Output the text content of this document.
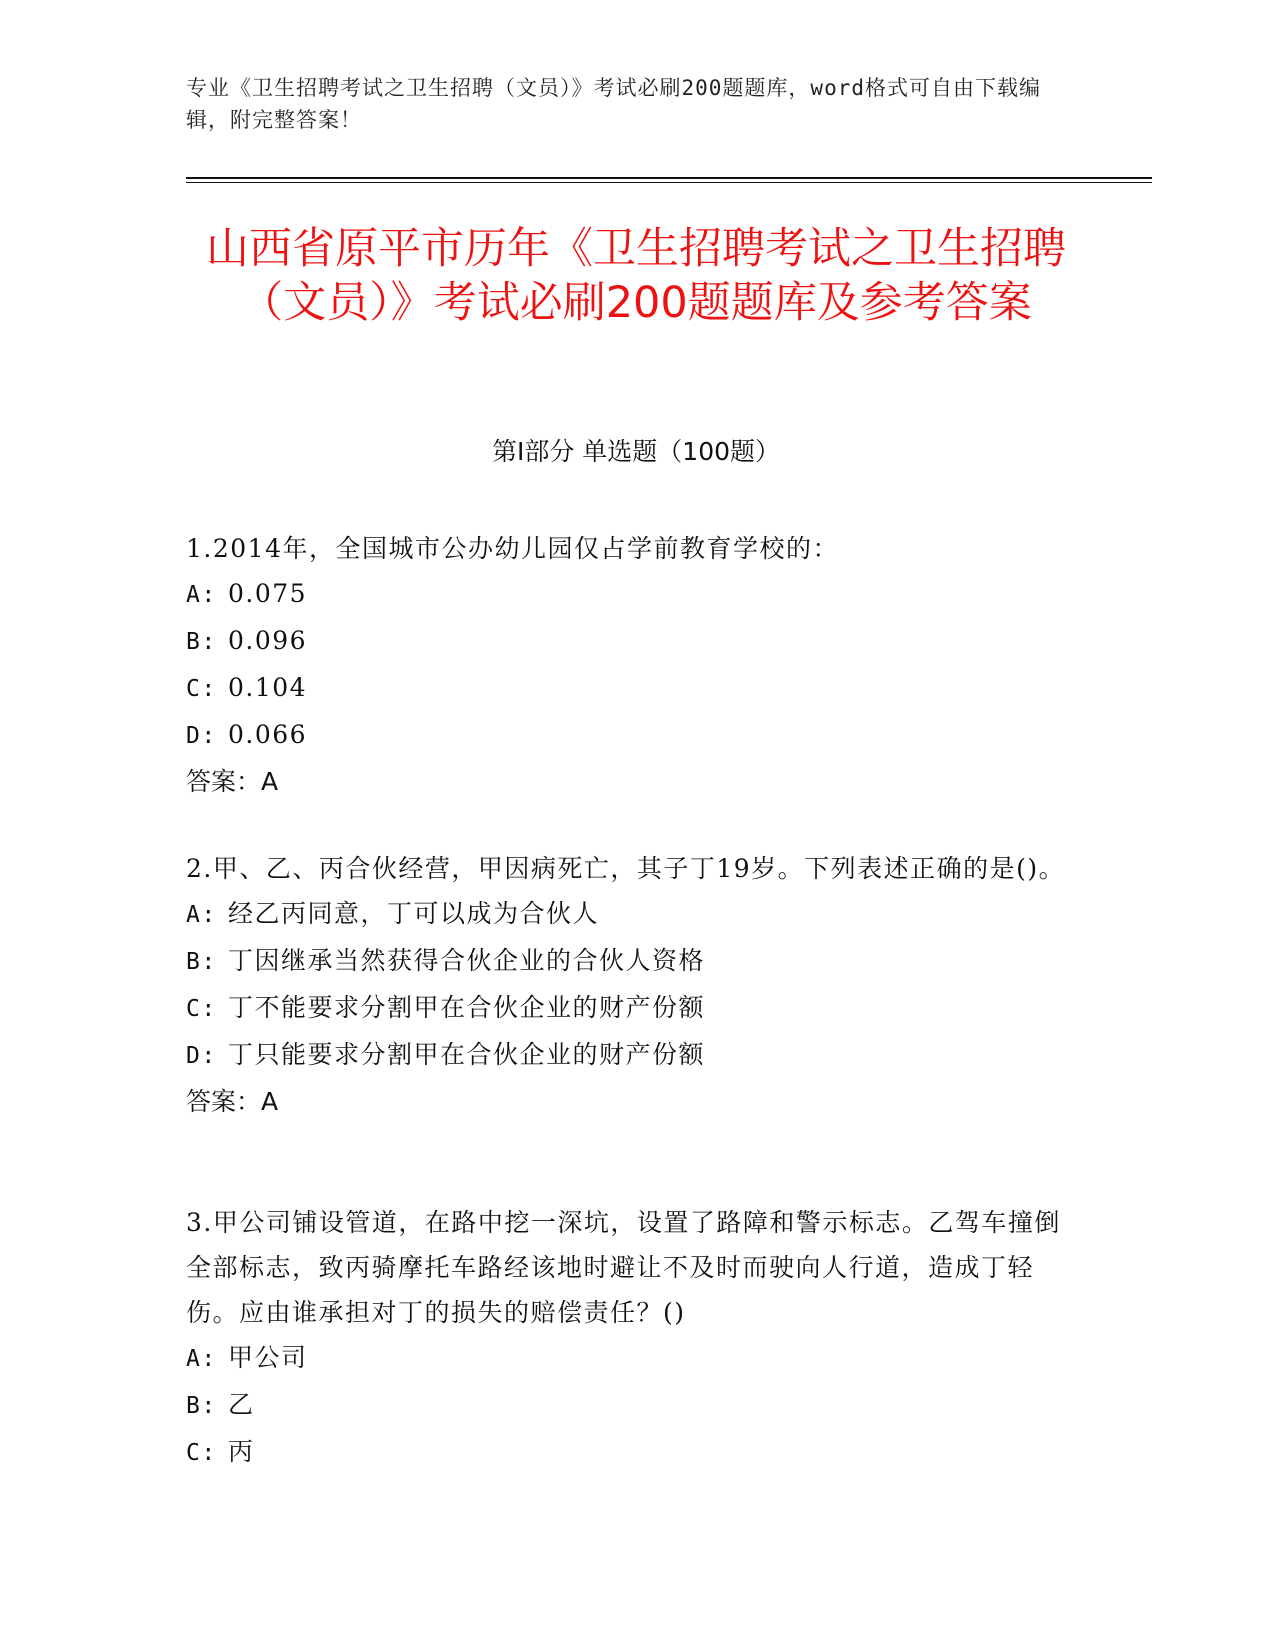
专业《卫生招聘考试之卫生招聘（文员）》考试必刷200题题库，word格式可自由下载编辑，附完整答案！
山西省原平市历年《卫生招聘考试之卫生招聘（文员）》考试必刷200题题库及参考答案
第Ⅰ部分 单选题（100题）

1.2014年，全国城市公办幼儿园仅占学前教育学校的：

A: 0.075

B: 0.096

C: 0.104

D: 0.066

答案：A

2.甲、乙、丙合伙经营，甲因病死亡，其子丁19岁。下列表述正确的是()。

A: 经乙丙同意，丁可以成为合伙人

B: 丁因继承当然获得合伙企业的合伙人资格

C: 丁不能要求分割甲在合伙企业的财产份额

D: 丁只能要求分割甲在合伙企业的财产份额

答案：A

3.甲公司铺设管道，在路中挖一深坑，设置了路障和警示标志。乙驾车撞倒全部标志，致丙骑摩托车路经该地时避让不及时而驶向人行道，造成丁轻伤。应由谁承担对丁的损失的赔偿责任？()

A: 甲公司

B: 乙

C: 丙
